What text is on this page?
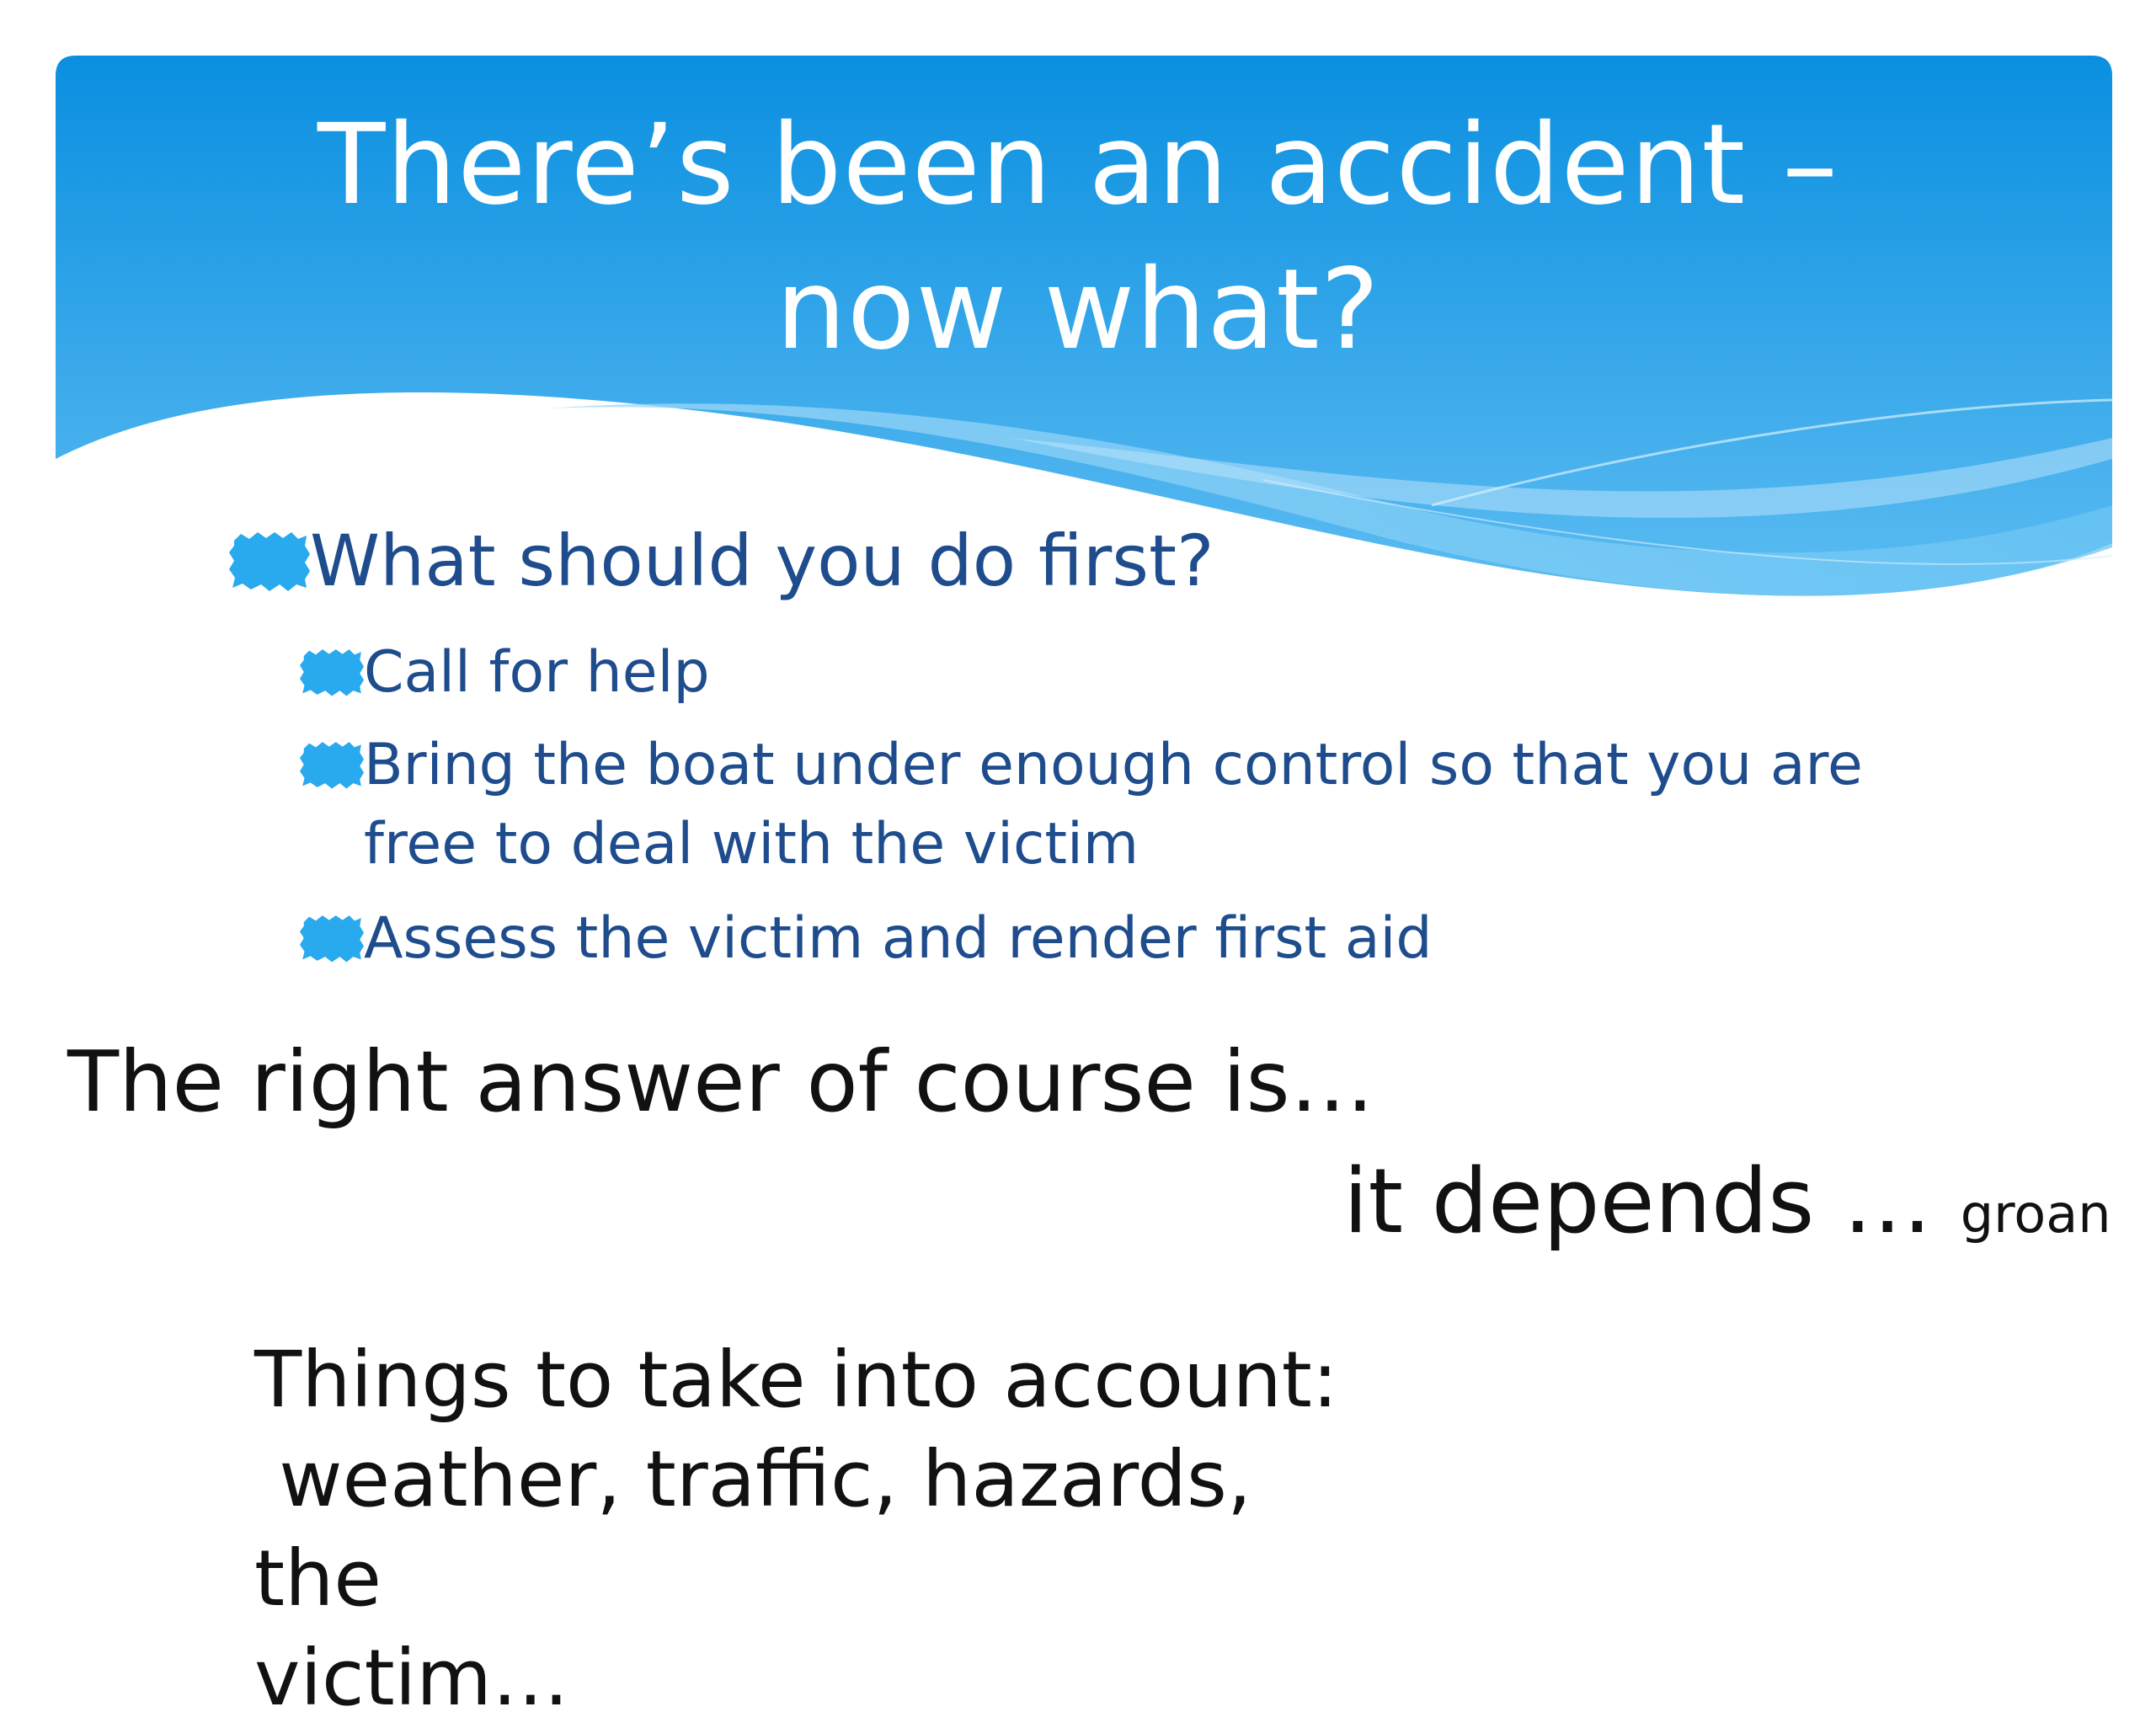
There’s been an accident –
now what?
What should you do first?
Call for help
Bring the boat under enough control so that you are free to deal with the victim
Assess the victim and render first aid
The right answer of course is…
it depends … groan
Things to take into account:
weather, traffic, hazards, the
victim…
